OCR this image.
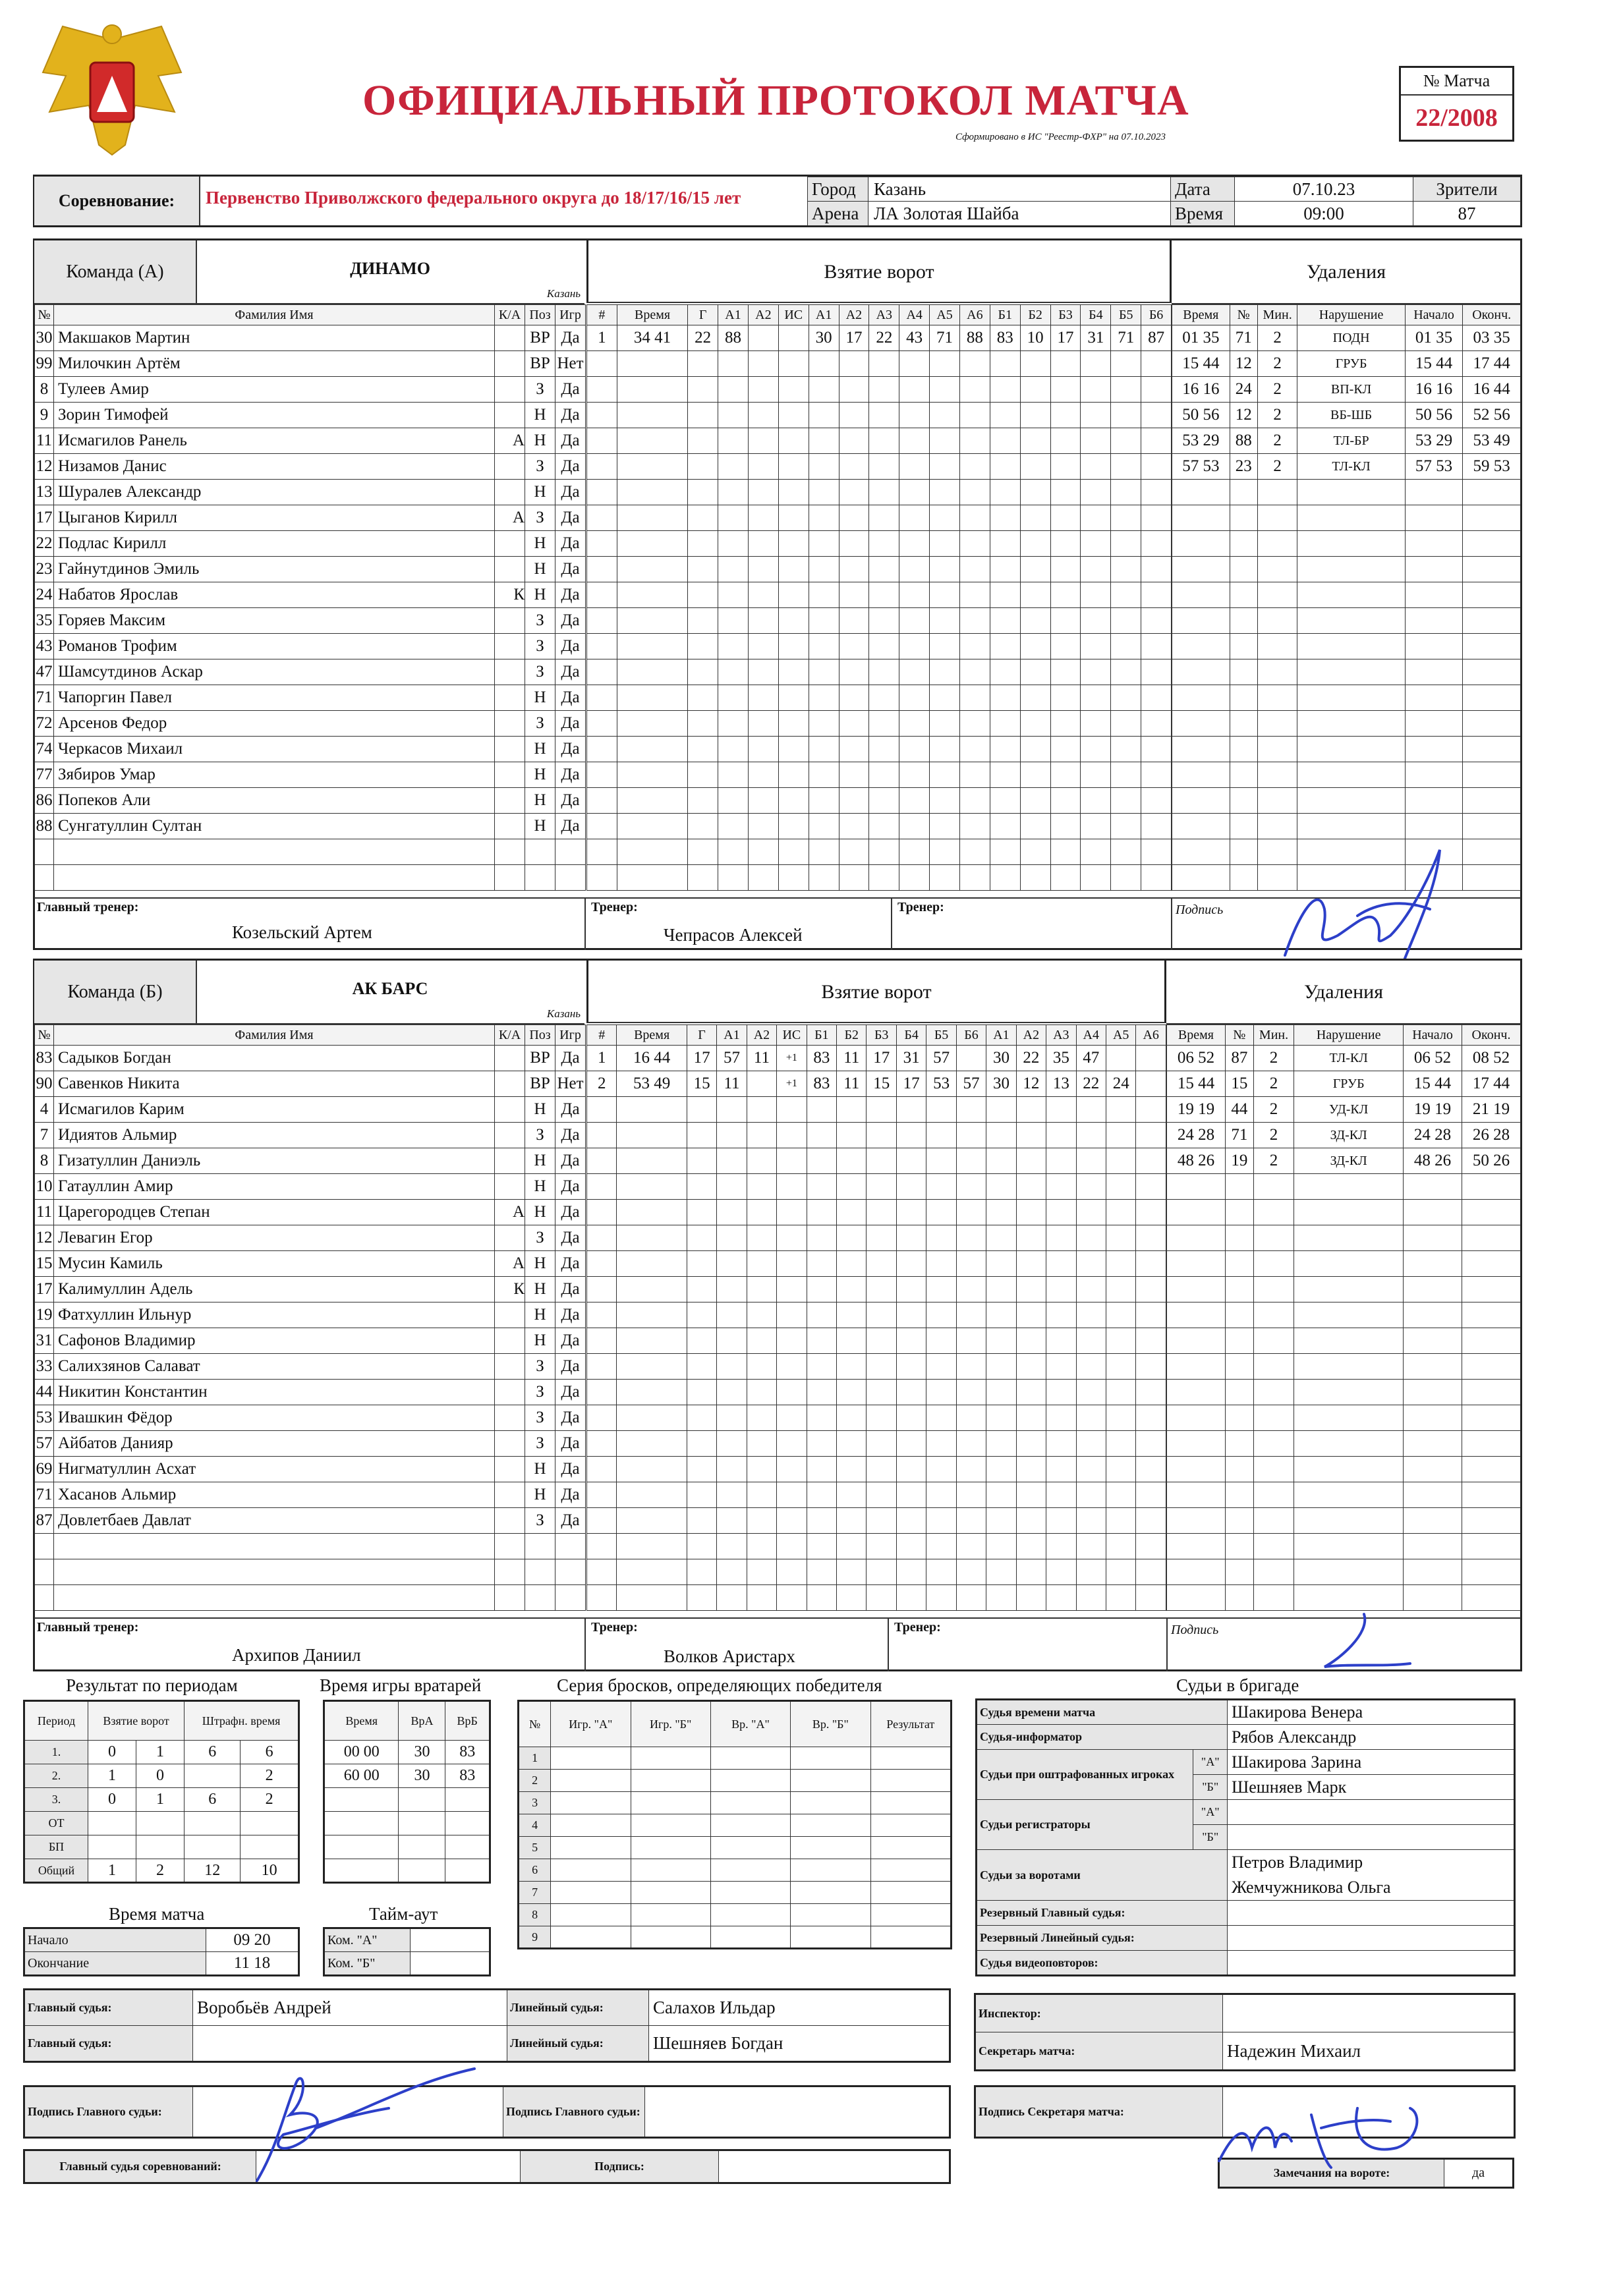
ОФИЦИАЛЬНЫЙ ПРОТОКОЛ МАТЧА
Сформировано в ИС "Реестр-ФХР" на 07.10.2023
№ Матча
22/2008
Соревнование:	Первенство Приволжского федерального округа до 18/17/16/15 лет	Город	Казань	Дата	07.10.23	Зрители
Арена	ЛА Золотая Шайба	Время	09:00	87
Команда (А)	ДИНАМО
Казань
Взятие ворот	Удаления
№	Фамилия Имя	К/А	Поз	Игр
30	Макшаков Мартин		ВР	Да
99	Милочкин Артём		ВР	Нет
8	Тулеев Амир		З	Да
9	Зорин Тимофей		Н	Да
11	Исмагилов Ранель	А	Н	Да
12	Низамов Данис		З	Да
13	Шуралев Александр		Н	Да
17	Цыганов Кирилл	А	З	Да
22	Подлас Кирилл		Н	Да
23	Гайнутдинов Эмиль		Н	Да
24	Набатов Ярослав	К	Н	Да
35	Горяев Максим		З	Да
43	Романов Трофим		З	Да
47	Шамсутдинов Аскар		З	Да
71	Чапоргин Павел		Н	Да
72	Арсенов Федор		З	Да
74	Черкасов Михаил		Н	Да
77	Зябиров Умар		Н	Да
86	Попеков Али		Н	Да
88	Сунгатуллин Султан		Н	Да

#	Время	Г	А1	А2	ИС	А1	А2	А3	А4	А5	А6	Б1	Б2	Б3	Б4	Б5	Б6
1	34 41	22	88			30	17	22	43	71	88	83	10	17	31	71	87

Время	№	Мин.	Нарушение	Начало	Оконч.
01 35	71	2	ПОДН	01 35	03 35
15 44	12	2	ГРУБ	15 44	17 44
16 16	24	2	ВП-КЛ	16 16	16 44
50 56	12	2	ВБ-ШБ	50 56	52 56
53 29	88	2	ТЛ-БР	53 29	53 49
57 53	23	2	ТЛ-КЛ	57 53	59 53

Главный тренер:
Козельский Артем
Тренер:
Чепрасов Алексей
Тренер:	Подпись
Команда (Б)	АК БАРС
Казань
Взятие ворот	Удаления
№	Фамилия Имя	К/А	Поз	Игр
83	Садыков Богдан		ВР	Да
90	Савенков Никита		ВР	Нет
4	Исмагилов Карим		Н	Да
7	Идиятов Альмир		З	Да
8	Гизатуллин Даниэль		Н	Да
10	Гатауллин Амир		Н	Да
11	Царегородцев Степан	А	Н	Да
12	Левагин Егор		З	Да
15	Мусин Камиль	А	Н	Да
17	Калимуллин Адель	К	Н	Да
19	Фатхуллин Ильнур		Н	Да
31	Сафонов Владимир		Н	Да
33	Салихзянов Салават		З	Да
44	Никитин Константин		З	Да
53	Ивашкин Фёдор		З	Да
57	Айбатов Данияр		З	Да
69	Нигматуллин Асхат		Н	Да
71	Хасанов Альмир		Н	Да
87	Довлетбаев Давлат		З	Да

#	Время	Г	А1	А2	ИС	Б1	Б2	Б3	Б4	Б5	Б6	А1	А2	А3	А4	А5	А6
1	16 44	17	57	11	+1	83	11	17	31	57		30	22	35	47		
2	53 49	15	11		+1	83	11	15	17	53	57	30	12	13	22	24	

Время	№	Мин.	Нарушение	Начало	Оконч.
06 52	87	2	ТЛ-КЛ	06 52	08 52
15 44	15	2	ГРУБ	15 44	17 44
19 19	44	2	УД-КЛ	19 19	21 19
24 28	71	2	ЗД-КЛ	24 28	26 28
48 26	19	2	ЗД-КЛ	48 26	50 26

Главный тренер:
Архипов Даниил
Тренер:
Волков Аристарх
Тренер:	Подпись
Результат по периодам
Период	Взятие ворот		Штрафн. время	
1.	0	1	6	6
2.	1	0		2
3.	0	1	6	2
ОТ				
БП				
Общий	1	2	12	10
Время игры вратарей
Время	ВрА	ВрБ
00 00	30	83
60 00	30	83

Время матча
Начало	09 20
Окончание	11 18
Тайм-аут
Ком. "А"	
Ком. "Б"	
Серия бросков, определяющих победителя
№	Игр. "А"	Игр. "Б"	Вр. "А"	Вр. "Б"	Результат
1					
2					
3					
4					
5					
6					
7					
8					
9					
Судьи в бригаде
Судья времени матча		Шакирова Венера
Судья-информатор		Рябов Александр
Судьи при оштрафованных игроках	"А"	Шакирова Зарина
	"Б"	Шешняев Марк
Судьи регистраторы	"А"	
	"Б"	
Судьи за воротами		Петров Владимир
Жемчужникова Ольга

Резервный Главный судья:		
Резервный Линейный судья:		
Судья видеоповторов:		
Главный судья:	Воробьёв Андрей	Линейный судья:	Салахов Ильдар
Главный судья:		Линейный судья:	Шешняев Богдан
Инспектор:	
Секретарь матча:	Надежин Михаил
Подпись Главного судьи:		Подпись Главного судьи:		Подпись Секретаря матча:	
Главный судья соревнований:		Подпись:		Замечания на вороте:	да
